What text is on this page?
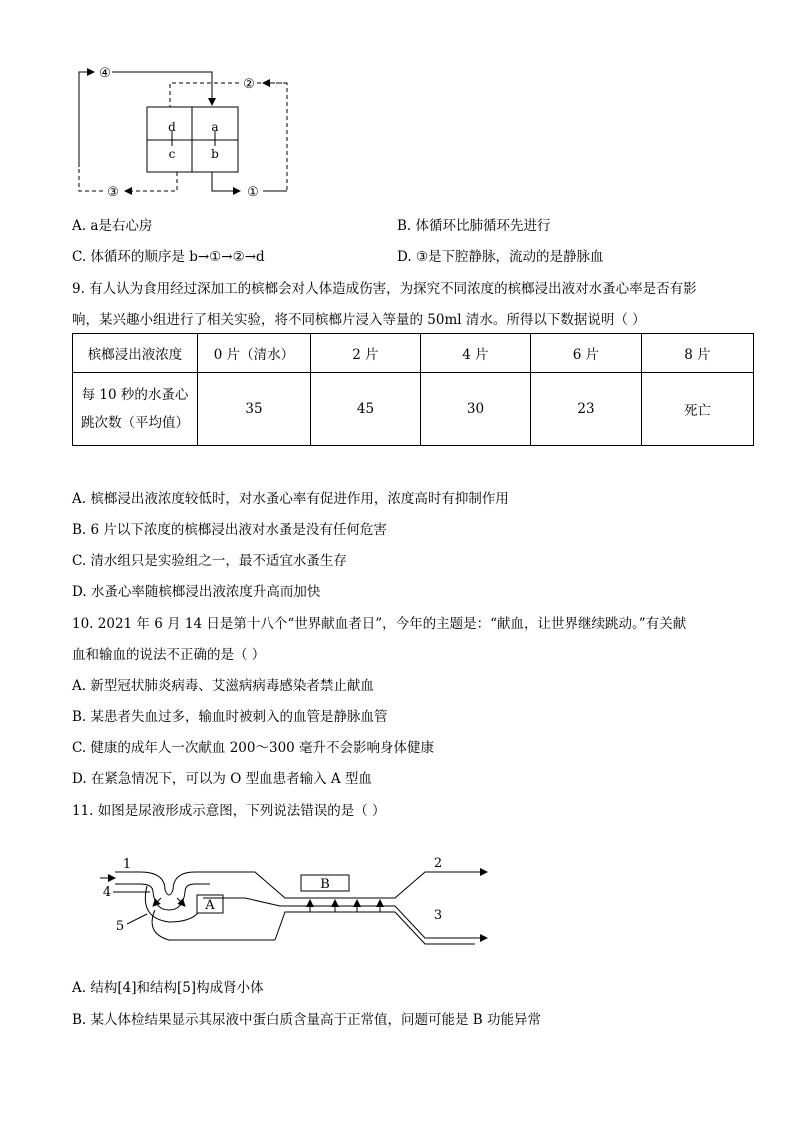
d
c
a
b
④
②
①
③
A. a是右心房	B. 体循环比肺循环先进行
C. 体循环的顺序是 b→①→②→d	D. ③是下腔静脉，流动的是静脉血
9. 有人认为食用经过深加工的槟榔会对人体造成伤害，为探究不同浓度的槟榔浸出液对水蚤心率是否有影
响，某兴趣小组进行了相关实验，将不同槟榔片浸入等量的 50ml 清水。所得以下数据说明（ ）
槟榔浸出液浓度	0 片（清水）	2 片	4 片	6 片	8 片

每 10 秒的水蚤心
跳次数（平均值）	35	45	30	23	死亡
A. 槟榔浸出液浓度较低时，对水蚤心率有促进作用，浓度高时有抑制作用
B. 6 片以下浓度的槟榔浸出液对水蚤是没有任何危害
C. 清水组只是实验组之一，最不适宜水蚤生存
D. 水蚤心率随槟榔浸出液浓度升高而加快
10. 2021 年 6 月 14 日是第十八个“世界献血者日”，今年的主题是：“献血，让世界继续跳动。”有关献
血和输血的说法不正确的是（ ）
A. 新型冠状肺炎病毒、艾滋病病毒感染者禁止献血
B. 某患者失血过多，输血时被刺入的血管是静脉血管
C. 健康的成年人一次献血 200～300 毫升不会影响身体健康
D. 在紧急情况下，可以为 O 型血患者输入 A 型血
11. 如图是尿液形成示意图，下列说法错误的是（ ）
A
B
1
4
5
2
3
A. 结构[4]和结构[5]构成肾小体
B. 某人体检结果显示其尿液中蛋白质含量高于正常值，问题可能是 B 功能异常
